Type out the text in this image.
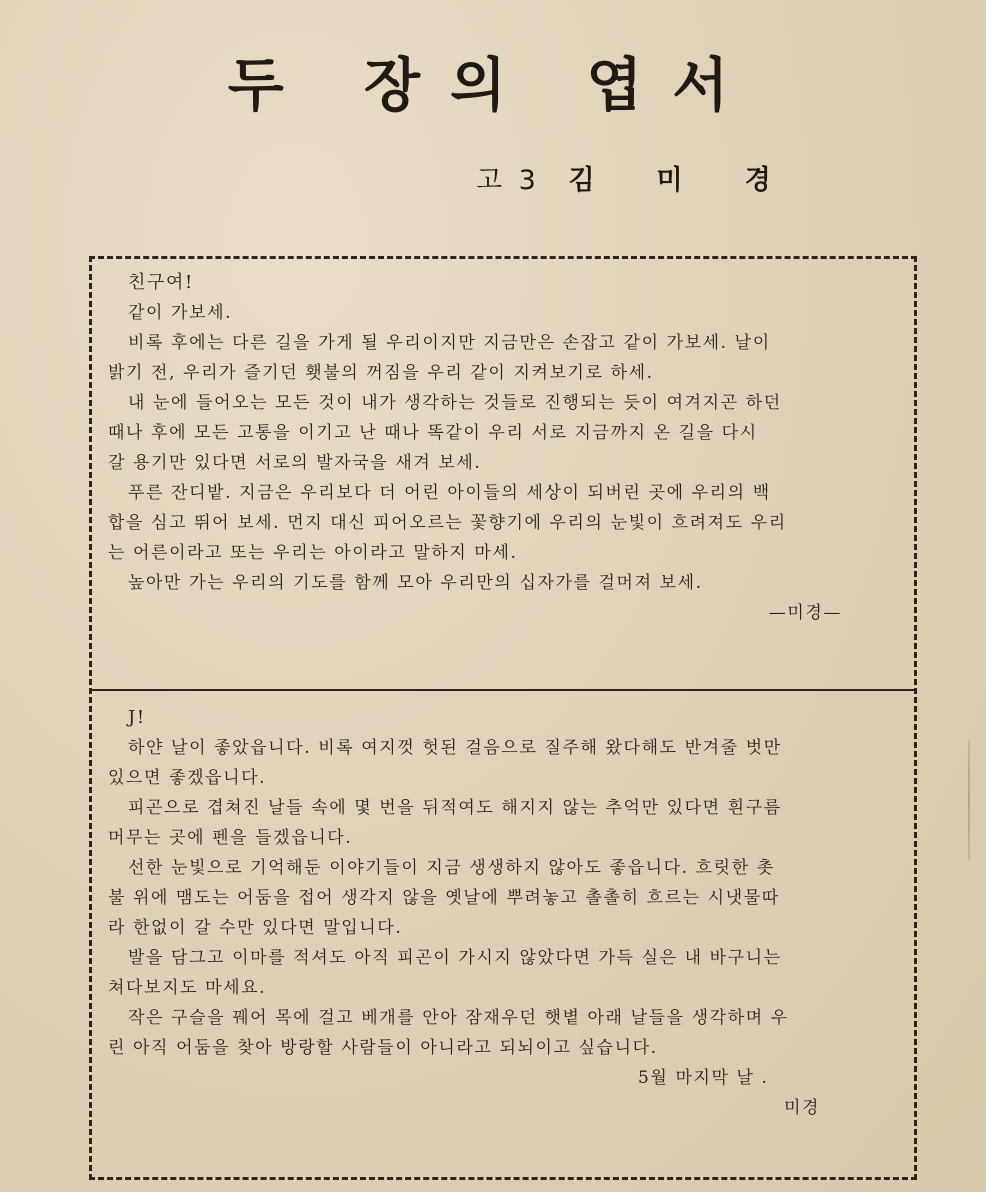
두 장의 엽서
고 3 김 미 경
친구여!
같이 가보세.
비록 후에는 다른 길을 가게 될 우리이지만 지금만은 손잡고 같이 가보세. 날이
밝기 전, 우리가 즐기던 횃불의 꺼짐을 우리 같이 지켜보기로 하세.
내 눈에 들어오는 모든 것이 내가 생각하는 것들로 진행되는 듯이 여겨지곤 하던
때나 후에 모든 고통을 이기고 난 때나 똑같이 우리 서로 지금까지 온 길을 다시
갈 용기만 있다면 서로의 발자국을 새겨 보세.
푸른 잔디밭. 지금은 우리보다 더 어린 아이들의 세상이 되버린 곳에 우리의 백
합을 심고 뛰어 보세. 먼지 대신 피어오르는 꽃향기에 우리의 눈빛이 흐려져도 우리
는 어른이라고 또는 우리는 아이라고 말하지 마세.
높아만 가는 우리의 기도를 함께 모아 우리만의 십자가를 걸머져 보세.
—미경—
J!
하얀 날이 좋았읍니다. 비록 여지껏 헛된 걸음으로 질주해 왔다해도 반겨줄 벗만
있으면 좋겠읍니다.
피곤으로 겹쳐진 날들 속에 몇 번을 뒤적여도 해지지 않는 추억만 있다면 흰구름
머무는 곳에 펜을 들겠읍니다.
선한 눈빛으로 기억해둔 이야기들이 지금 생생하지 않아도 좋읍니다. 흐릿한 촛
불 위에 맴도는 어둠을 접어 생각지 않을 옛날에 뿌려놓고 촐촐히 흐르는 시냇물따
라 한없이 갈 수만 있다면 말입니다.
발을 담그고 이마를 적셔도 아직 피곤이 가시지 않았다면 가득 실은 내 바구니는
쳐다보지도 마세요.
작은 구슬을 꿰어 목에 걸고 베개를 안아 잠재우던 햇볕 아래 날들을 생각하며 우
린 아직 어둠을 찾아 방랑할 사람들이 아니라고 되뇌이고 싶습니다.
5월 마지막 날 .
미경
